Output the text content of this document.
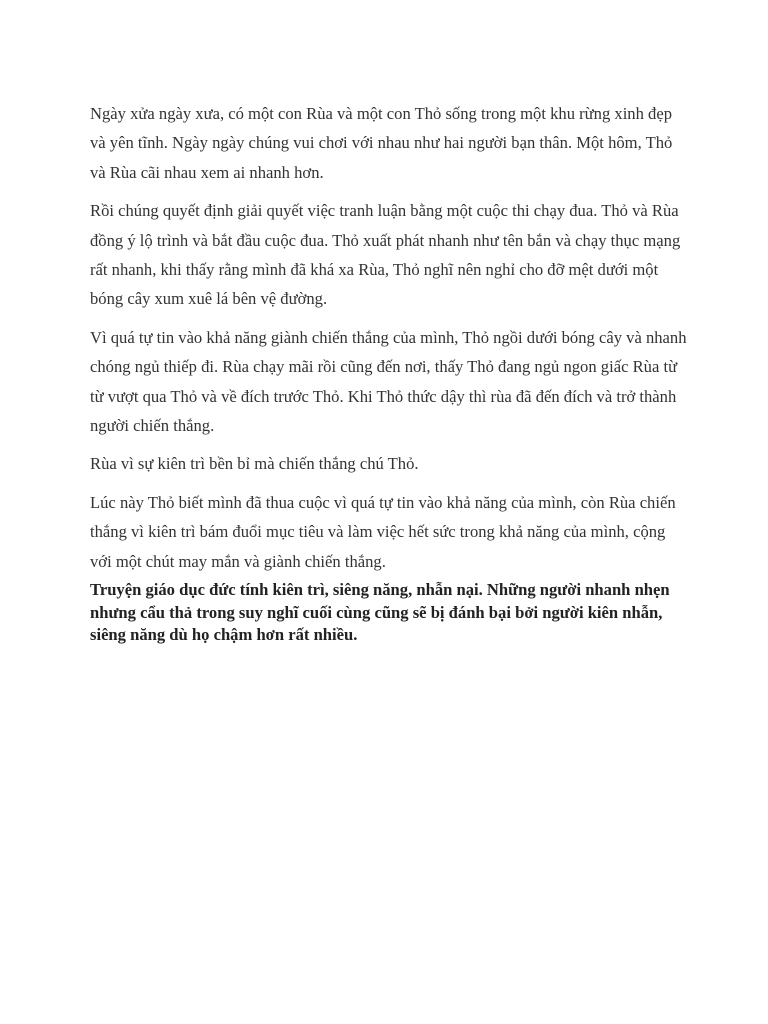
Ngày xửa ngày xưa, có một con Rùa và một con Thỏ sống trong một khu rừng xinh đẹp và yên tĩnh. Ngày ngày chúng vui chơi với nhau như hai người bạn thân. Một hôm, Thỏ và Rùa cãi nhau xem ai nhanh hơn.

Rồi chúng quyết định giải quyết việc tranh luận bằng một cuộc thi chạy đua. Thỏ và Rùa đồng ý lộ trình và bắt đầu cuộc đua. Thỏ xuất phát nhanh như tên bắn và chạy thục mạng rất nhanh, khi thấy rằng mình đã khá xa Rùa, Thỏ nghĩ nên nghỉ cho đỡ mệt dưới một bóng cây xum xuê lá bên vệ đường.

Vì quá tự tin vào khả năng giành chiến thắng của mình, Thỏ ngồi dưới bóng cây và nhanh chóng ngủ thiếp đi. Rùa chạy mãi rồi cũng đến nơi, thấy Thỏ đang ngủ ngon giấc Rùa từ từ vượt qua Thỏ và về đích trước Thỏ. Khi Thỏ thức dậy thì rùa đã đến đích và trở thành người chiến thắng.

Rùa vì sự kiên trì bền bỉ mà chiến thắng chú Thỏ.

Lúc này Thỏ biết mình đã thua cuộc vì quá tự tin vào khả năng của mình, còn Rùa chiến thắng vì kiên trì bám đuổi mục tiêu và làm việc hết sức trong khả năng của mình, cộng với một chút may mắn và giành chiến thắng.

Truyện giáo dục đức tính kiên trì, siêng năng, nhẫn nại. Những người nhanh nhẹn nhưng cẩu thả trong suy nghĩ cuối cùng cũng sẽ bị đánh bại bởi người kiên nhẫn, siêng năng dù họ chậm hơn rất nhiều.
